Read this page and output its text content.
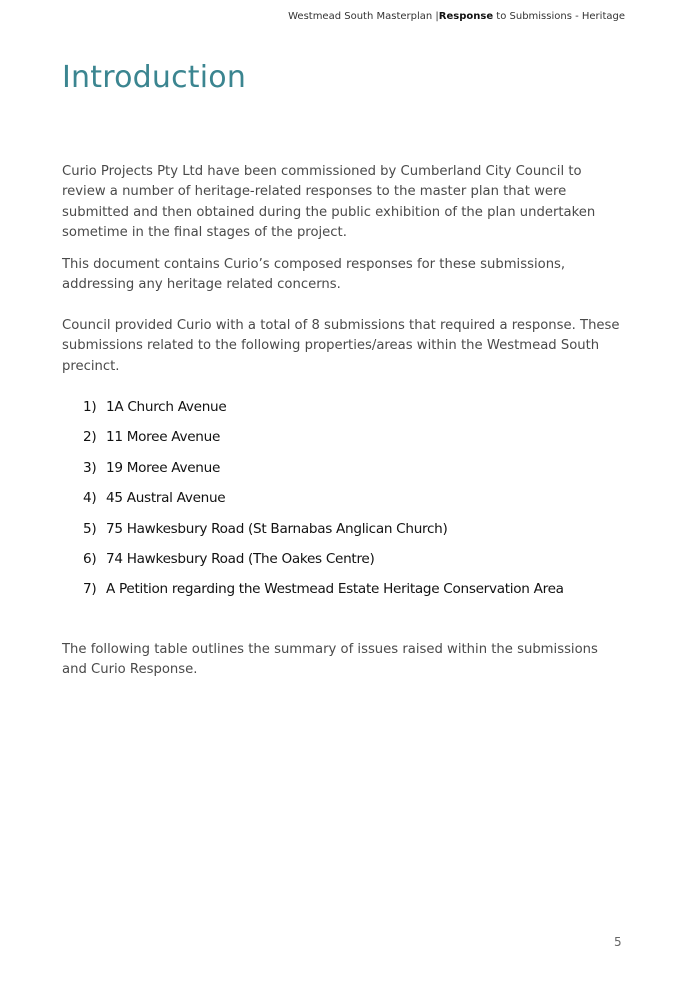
Westmead South Masterplan |Response to Submissions - Heritage
Introduction

Curio Projects Pty Ltd have been commissioned by Cumberland City Council to review a number of heritage-related responses to the master plan that were submitted and then obtained during the public exhibition of the plan undertaken sometime in the final stages of the project.

This document contains Curio’s composed responses for these submissions, addressing any heritage related concerns.

Council provided Curio with a total of 8 submissions that required a response. These submissions related to the following properties/areas within the Westmead South precinct.

1) 1A Church Avenue
2) 11 Moree Avenue
3) 19 Moree Avenue
4) 45 Austral Avenue
5) 75 Hawkesbury Road (St Barnabas Anglican Church)
6) 74 Hawkesbury Road (The Oakes Centre)
7) A Petition regarding the Westmead Estate Heritage Conservation Area

The following table outlines the summary of issues raised within the submissions and Curio Response.

5
